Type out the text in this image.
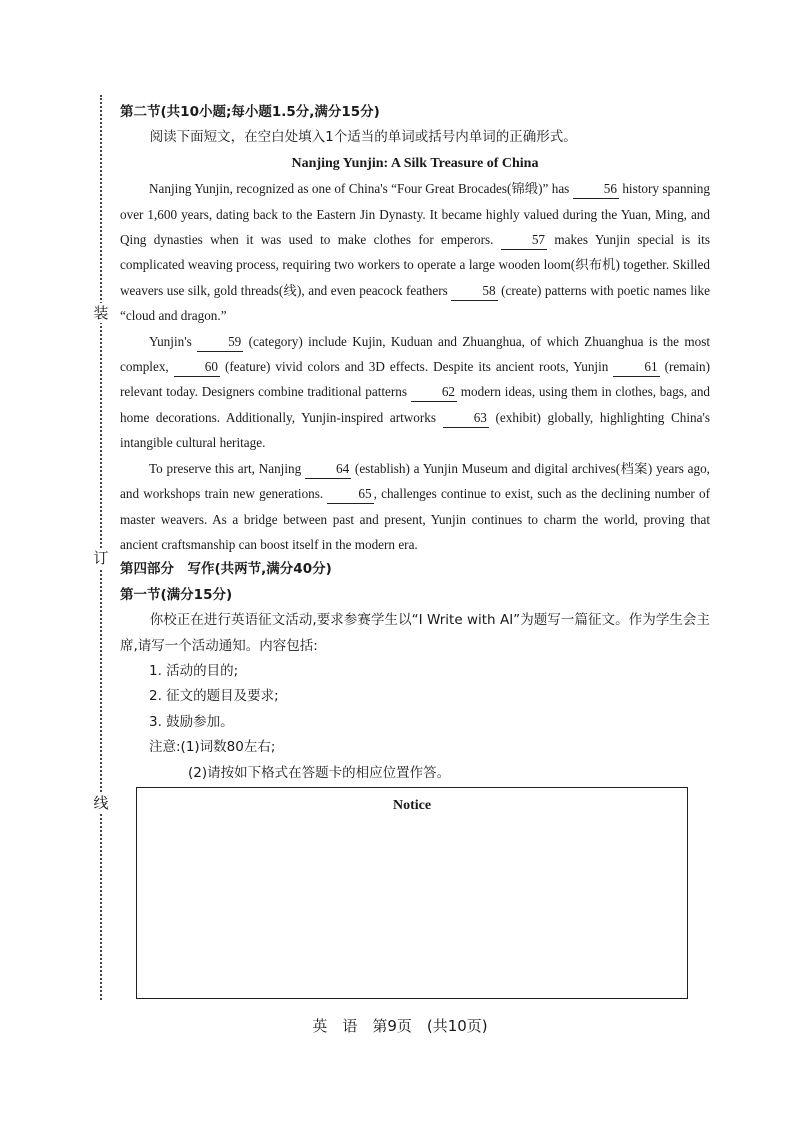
装
订
线

第二节(共10小题;每小题1.5分,满分15分)

阅读下面短文，在空白处填入1个适当的单词或括号内单词的正确形式。

Nanjing Yunjin: A Silk Treasure of China

Nanjing Yunjin, recognized as one of China's “Four Great Brocades(锦缎)” has 56 history spanning over 1,600 years, dating back to the Eastern Jin Dynasty. It became highly valued during the Yuan, Ming, and Qing dynasties when it was used to make clothes for emperors. 57 makes Yunjin special is its complicated weaving process, requiring two workers to operate a large wooden loom(织布机) together. Skilled weavers use silk, gold threads(线), and even peacock feathers 58 (create) patterns with poetic names like “cloud and dragon.”

Yunjin's 59 (category) include Kujin, Kuduan and Zhuanghua, of which Zhuanghua is the most complex, 60 (feature) vivid colors and 3D effects. Despite its ancient roots, Yunjin 61 (remain) relevant today. Designers combine traditional patterns 62 modern ideas, using them in clothes, bags, and home decorations. Additionally, Yunjin-inspired artworks 63 (exhibit) globally, highlighting China's intangible cultural heritage.

To preserve this art, Nanjing 64 (establish) a Yunjin Museum and digital archives(档案) years ago, and workshops train new generations. 65 , challenges continue to exist, such as the declining number of master weavers. As a bridge between past and present, Yunjin continues to charm the world, proving that ancient craftsmanship can boost itself in the modern era.

第四部分　写作(共两节,满分40分)

第一节(满分15分)

你校正在进行英语征文活动,要求参赛学生以“I Write with AI”为题写一篇征文。作为学生会主席,请写一个活动通知。内容包括:

1. 活动的目的;

2. 征文的题目及要求;

3. 鼓励参加。

注意:(1)词数80左右;

(2)请按如下格式在答题卡的相应位置作答。

Notice
英　语　第9页　(共10页)
